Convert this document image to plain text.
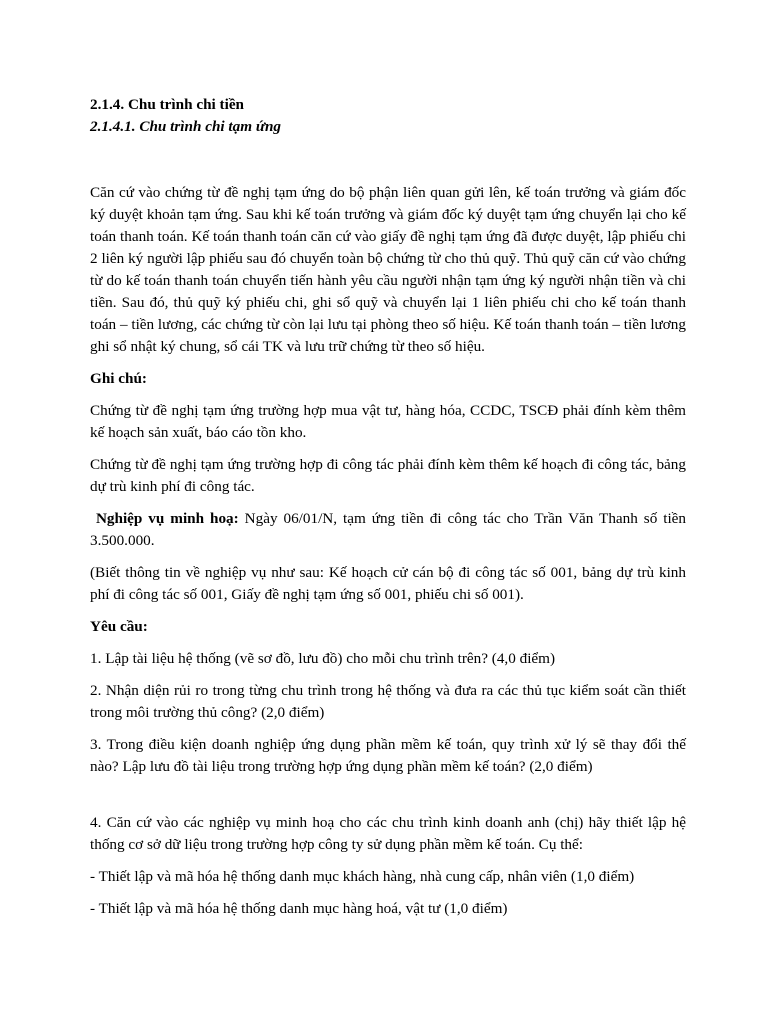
2.1.4. Chu trình chi tiền

2.1.4.1. Chu trình chi tạm ứng

Căn cứ vào chứng từ đề nghị tạm ứng do bộ phận liên quan gửi lên, kế toán trưởng và giám đốc ký duyệt khoản tạm ứng. Sau khi kế toán trưởng và giám đốc ký duyệt tạm ứng chuyển lại cho kế toán thanh toán. Kế toán thanh toán căn cứ vào giấy đề nghị tạm ứng đã được duyệt, lập phiếu chi 2 liên ký người lập phiếu sau đó chuyển toàn bộ chứng từ cho thủ quỹ. Thủ quỹ căn cứ vào chứng từ do kế toán thanh toán chuyển tiến hành yêu cầu người nhận tạm ứng ký người nhận tiền và chi tiền. Sau đó, thủ quỹ ký phiếu chi, ghi sổ quỹ và chuyển lại 1 liên phiếu chi cho kế toán thanh toán – tiền lương, các chứng từ còn lại lưu tại phòng theo số hiệu. Kế toán thanh toán – tiền lương ghi sổ nhật ký chung, sổ cái TK và lưu trữ chứng từ theo số hiệu.

Ghi chú:

Chứng từ đề nghị tạm ứng trường hợp mua vật tư, hàng hóa, CCDC, TSCĐ phải đính kèm thêm kế hoạch sản xuất, báo cáo tồn kho.

Chứng từ đề nghị tạm ứng trường hợp đi công tác phải đính kèm thêm kế hoạch đi công tác, bảng dự trù kinh phí đi công tác.

Nghiệp vụ minh hoạ: Ngày 06/01/N, tạm ứng tiền đi công tác cho Trần Văn Thanh số tiền 3.500.000.

(Biết thông tin về nghiệp vụ như sau: Kế hoạch cử cán bộ đi công tác số 001, bảng dự trù kinh phí đi công tác số 001, Giấy đề nghị tạm ứng số 001, phiếu chi số 001).

Yêu cầu:

1. Lập tài liệu hệ thống (vẽ sơ đồ, lưu đồ) cho mỗi chu trình trên? (4,0 điểm)

2. Nhận diện rủi ro trong từng chu trình trong hệ thống và đưa ra các thủ tục kiểm soát cần thiết trong môi trường thủ công? (2,0 điểm)

3. Trong điều kiện doanh nghiệp ứng dụng phần mềm kế toán, quy trình xử lý sẽ thay đổi thế nào? Lập lưu đồ tài liệu trong trường hợp ứng dụng phần mềm kế toán? (2,0 điểm)

4. Căn cứ vào các nghiệp vụ minh hoạ cho các chu trình kinh doanh anh (chị) hãy thiết lập hệ thống cơ sở dữ liệu trong trường hợp công ty sử dụng phần mềm kế toán. Cụ thể:

- Thiết lập và mã hóa hệ thống danh mục khách hàng, nhà cung cấp, nhân viên (1,0 điểm)

- Thiết lập và mã hóa hệ thống danh mục hàng hoá, vật tư (1,0 điểm)
